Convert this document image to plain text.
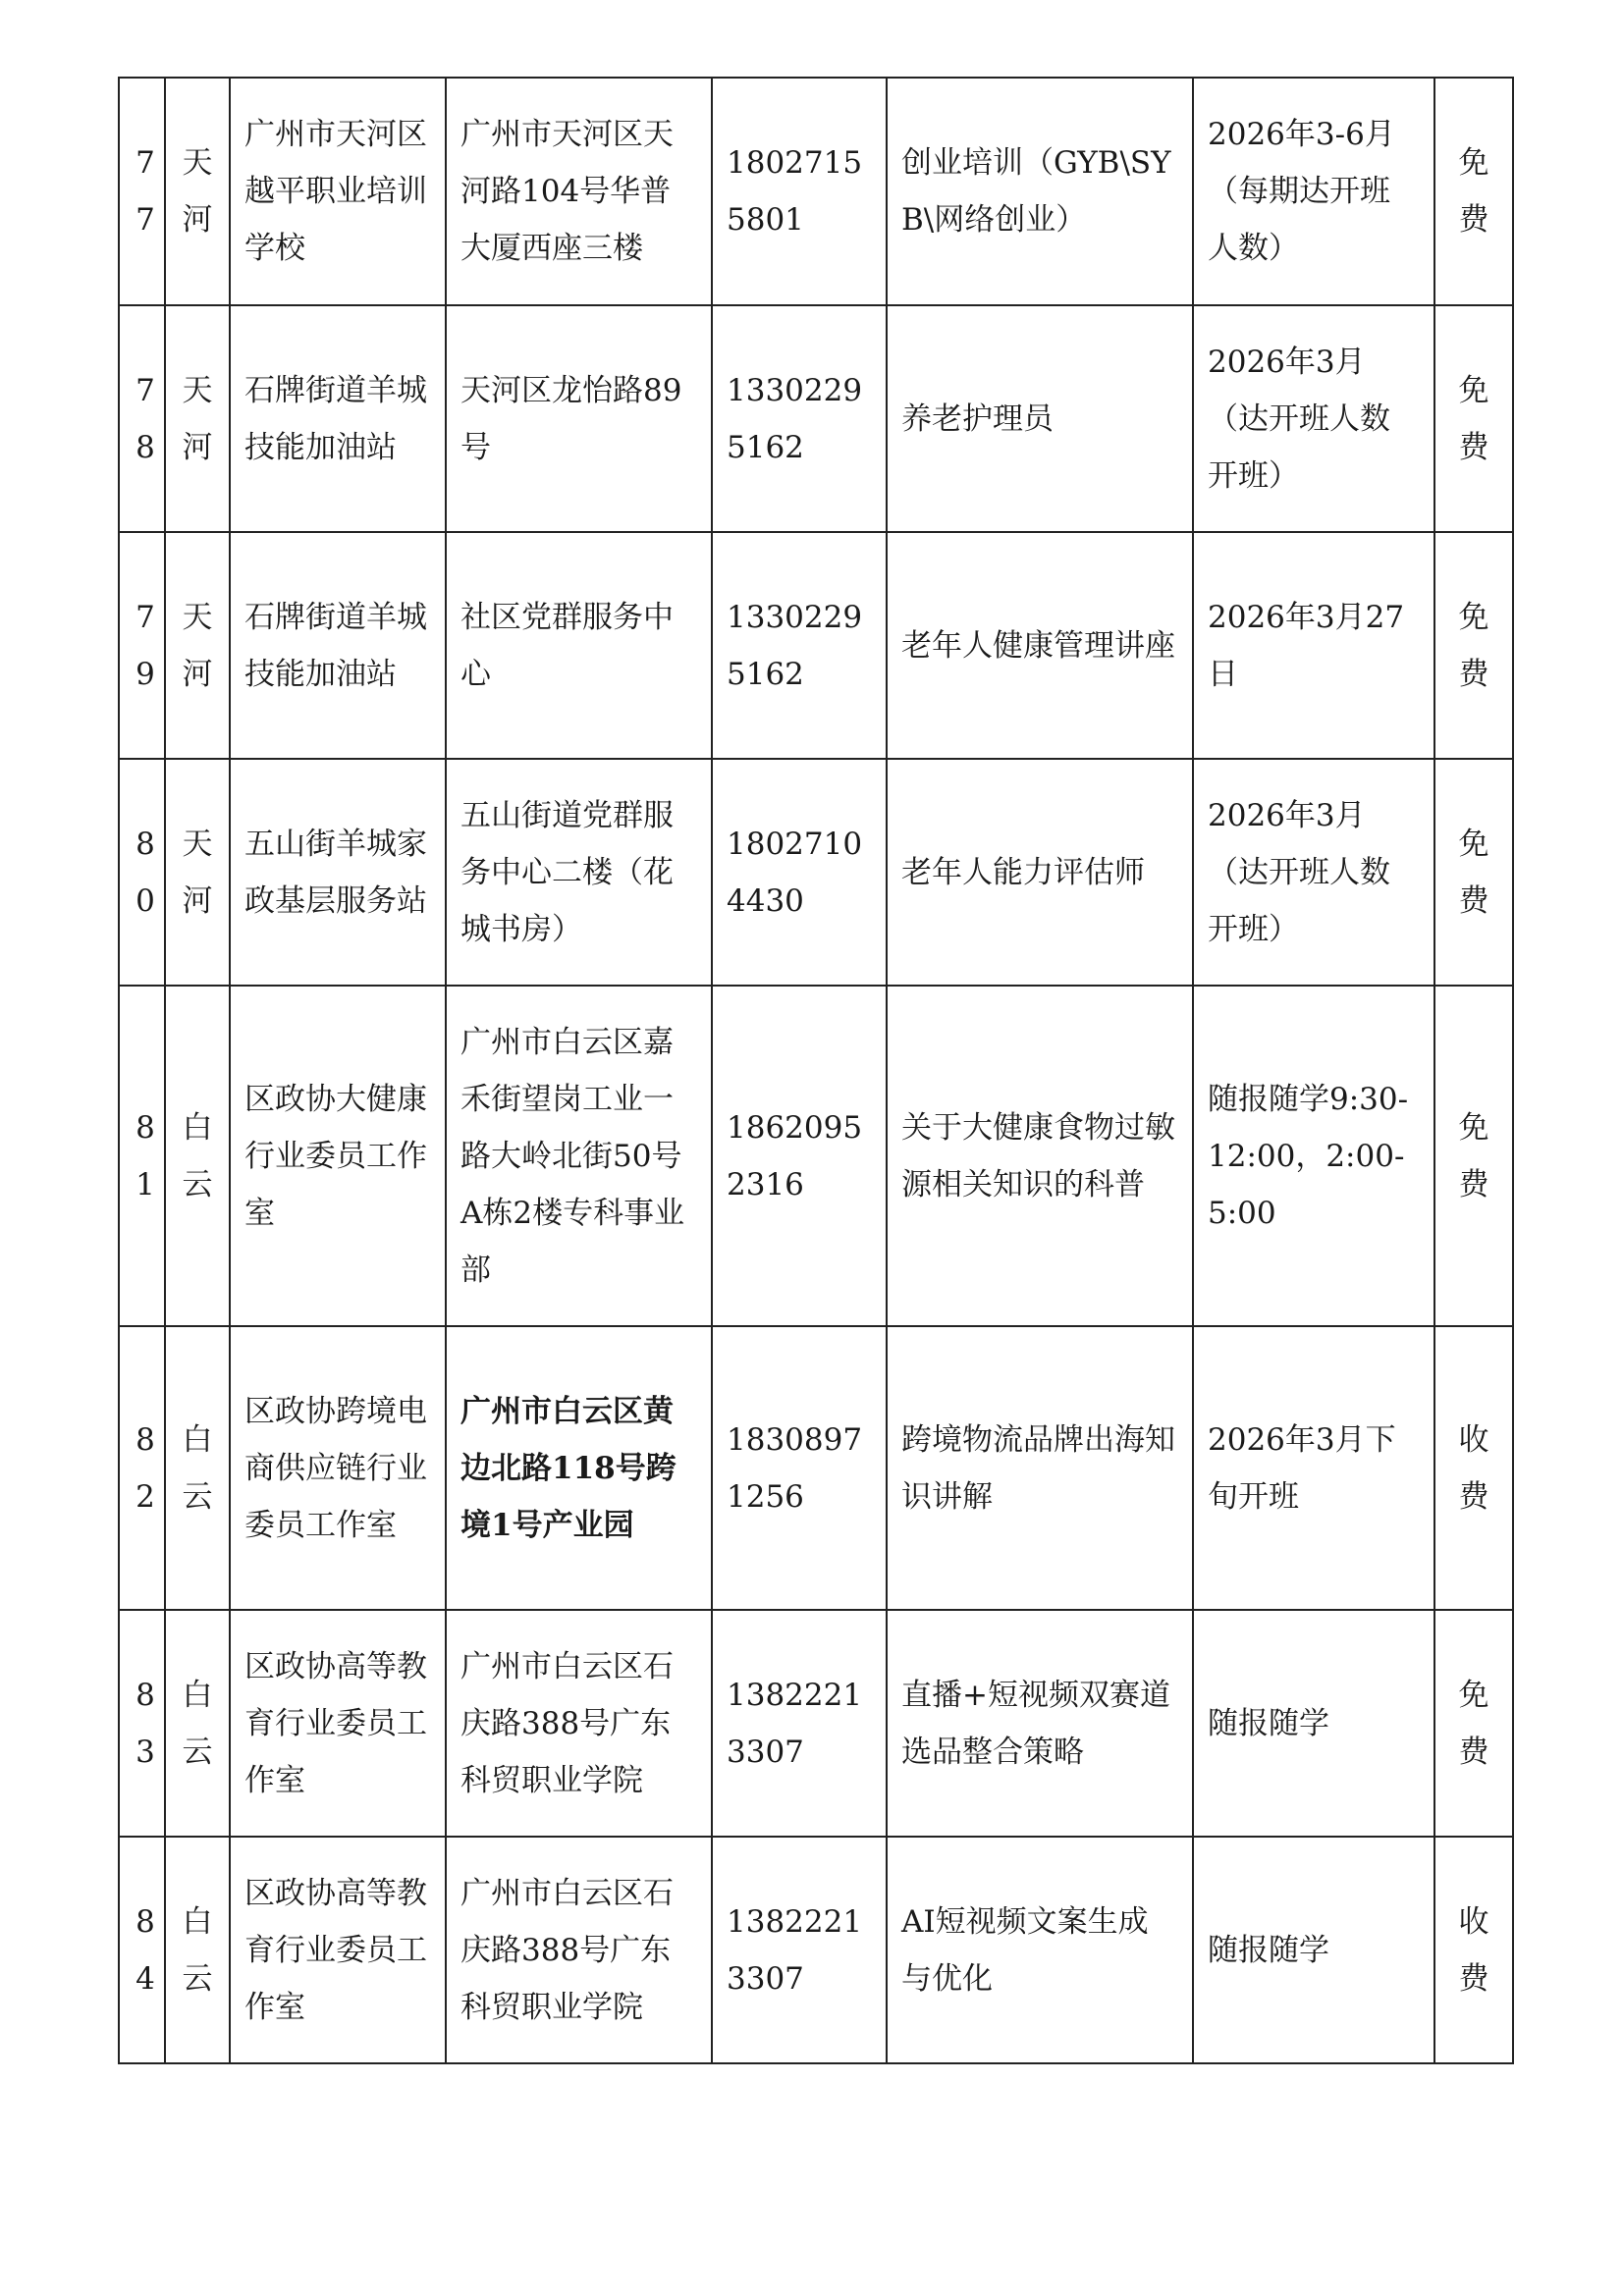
77	天河	广州市天河区越平职业培训学校	广州市天河区天河路104号华普大厦西座三楼	18027155801	创业培训（GYB\SYB\网络创业）	2026年3-6月（每期达开班人数）	免费

78	天河	石牌街道羊城技能加油站	天河区龙怡路89号	13302295162	养老护理员	2026年3月（达开班人数开班）	免费

79	天河	石牌街道羊城技能加油站	社区党群服务中心	13302295162	老年人健康管理讲座	2026年3月27日	免费

80	天河	五山街羊城家政基层服务站	五山街道党群服务中心二楼（花城书房）	18027104430	老年人能力评估师	2026年3月（达开班人数开班）	免费

81	白云	区政协大健康行业委员工作室	广州市白云区嘉禾街望岗工业一路大岭北街50号A栋2楼专科事业部	18620952316	关于大健康食物过敏源相关知识的科普	随报随学9:30-12:00，2:00-5:00	免费

82	白云	区政协跨境电商供应链行业委员工作室	广州市白云区黄边北路118号跨境1号产业园	18308971256	跨境物流品牌出海知识讲解	2026年3月下旬开班	收费

83	白云	区政协高等教育行业委员工作室	广州市白云区石庆路388号广东科贸职业学院	13822213307	直播+短视频双赛道选品整合策略	随报随学	免费

84	白云	区政协高等教育行业委员工作室	广州市白云区石庆路388号广东科贸职业学院	13822213307	AI短视频文案生成与优化	随报随学	收费
